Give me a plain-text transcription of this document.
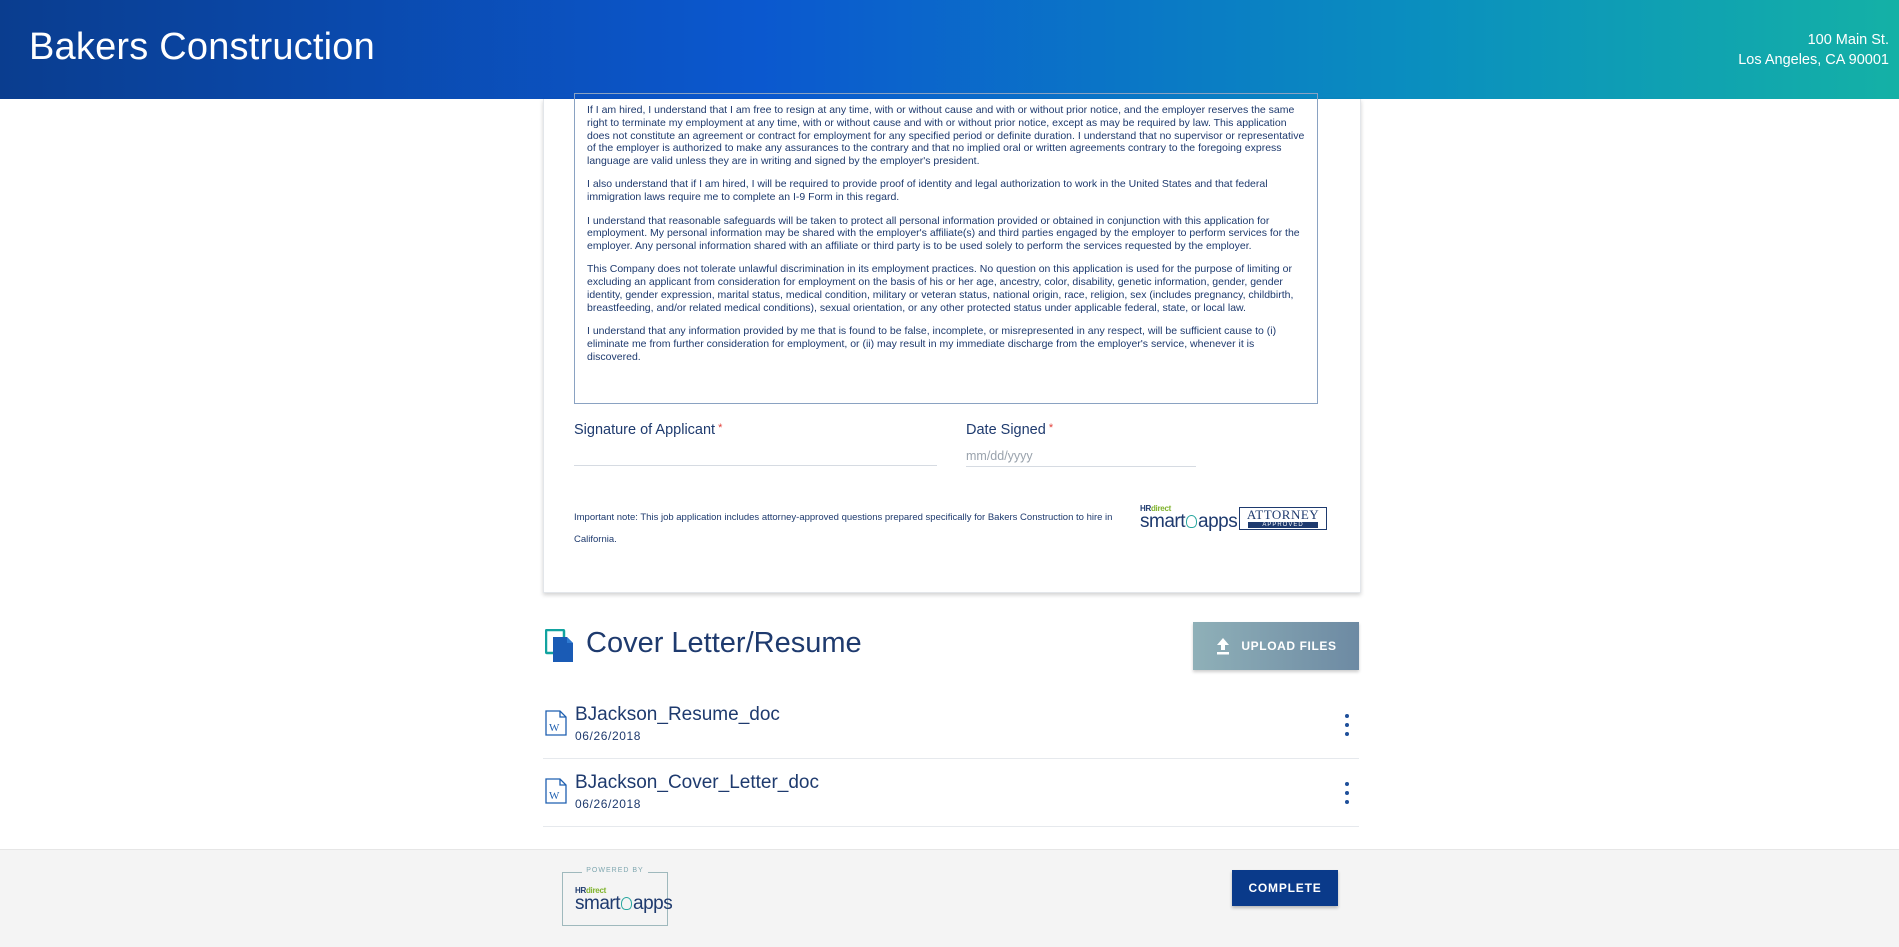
Bakers Construction	100 Main St.
Los Angeles, CA 90001

If I am hired, I understand that I am free to resign at any time, with or without cause and with or without prior notice, and the employer reserves the same right to terminate my employment at any time, with or without cause and with or without prior notice, except as may be required by law. This application does not constitute an agreement or contract for employment for any specified period or definite duration. I understand that no supervisor or representative of the employer is authorized to make any assurances to the contrary and that no implied oral or written agreements contrary to the foregoing express language are valid unless they are in writing and signed by the employer's president.

I also understand that if I am hired, I will be required to provide proof of identity and legal authorization to work in the United States and that federal immigration laws require me to complete an I-9 Form in this regard.

I understand that reasonable safeguards will be taken to protect all personal information provided or obtained in conjunction with this application for employment. My personal information may be shared with the employer's affiliate(s) and third parties engaged by the employer to perform services for the employer. Any personal information shared with an affiliate or third party is to be used solely to perform the services requested by the employer.

This Company does not tolerate unlawful discrimination in its employment practices. No question on this application is used for the purpose of limiting or excluding an applicant from consideration for employment on the basis of his or her age, ancestry, color, disability, genetic information, gender, gender identity, gender expression, marital status, medical condition, military or veteran status, national origin, race, religion, sex (includes pregnancy, childbirth, breastfeeding, and/or related medical conditions), sexual orientation, or any other protected status under applicable federal, state, or local law.

I understand that any information provided by me that is found to be false, incomplete, or misrepresented in any respect, will be sufficient cause to (i) eliminate me from further consideration for employment, or (ii) may result in my immediate discharge from the employer's service, whenever it is discovered.

Signature of Applicant *	Date Signed *
mm/dd/yyyy
Important note: This job application includes attorney-approved questions prepared specifically for Bakers Construction to hire in California.
HRdirect
smart apps ATTORNEY
APPROVED
Cover Letter/Resume	UPLOAD FILES
W
BJackson_Resume_doc
06/26/2018
W
BJackson_Cover_Letter_doc
06/26/2018
POWERED BY
HRdirect
smart apps
COMPLETE
